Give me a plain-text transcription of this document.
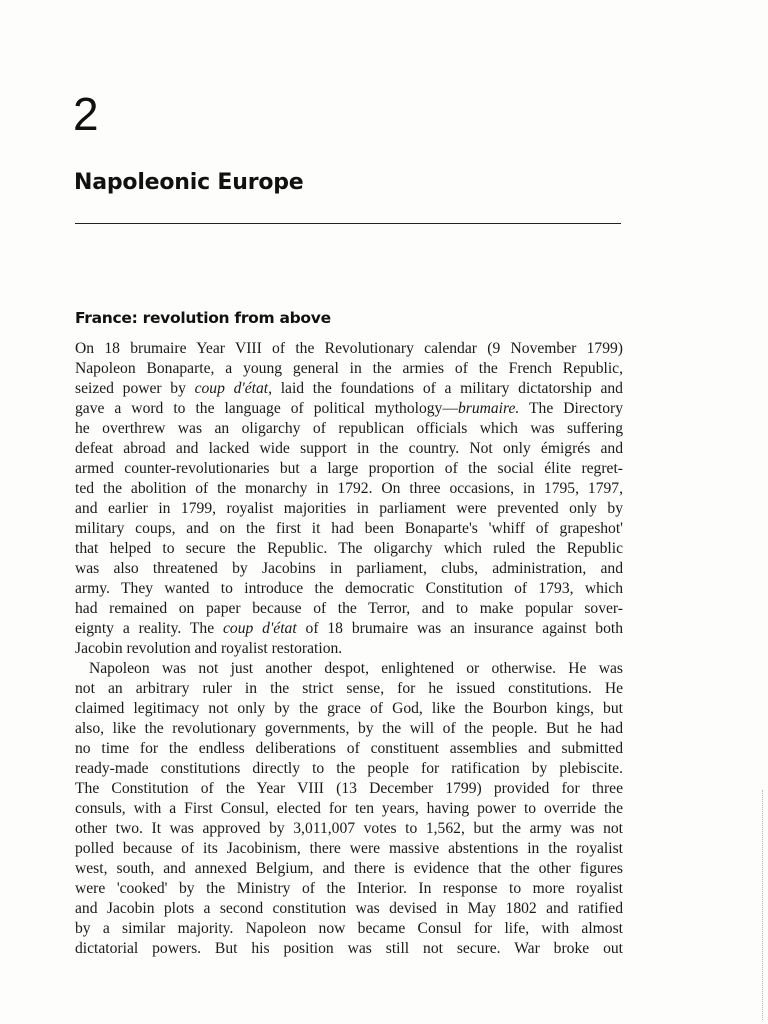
2
Napoleonic Europe
France: revolution from above

On 18 brumaire Year VIII of the Revolutionary calendar (9 November 1799)
Napoleon Bonaparte, a young general in the armies of the French Republic,
seized power by coup d'état, laid the foundations of a military dictatorship and
gave a word to the language of political mythology—brumaire. The Directory
he overthrew was an oligarchy of republican officials which was suffering
defeat abroad and lacked wide support in the country. Not only émigrés and
armed counter-revolutionaries but a large proportion of the social élite regret-
ted the abolition of the monarchy in 1792. On three occasions, in 1795, 1797,
and earlier in 1799, royalist majorities in parliament were prevented only by
military coups, and on the first it had been Bonaparte's 'whiff of grapeshot'
that helped to secure the Republic. The oligarchy which ruled the Republic
was also threatened by Jacobins in parliament, clubs, administration, and
army. They wanted to introduce the democratic Constitution of 1793, which
had remained on paper because of the Terror, and to make popular sover-
eignty a reality. The coup d'état of 18 brumaire was an insurance against both
Jacobin revolution and royalist restoration.

Napoleon was not just another despot, enlightened or otherwise. He was
not an arbitrary ruler in the strict sense, for he issued constitutions. He
claimed legitimacy not only by the grace of God, like the Bourbon kings, but
also, like the revolutionary governments, by the will of the people. But he had
no time for the endless deliberations of constituent assemblies and submitted
ready-made constitutions directly to the people for ratification by plebiscite.
The Constitution of the Year VIII (13 December 1799) provided for three
consuls, with a First Consul, elected for ten years, having power to override the
other two. It was approved by 3,011,007 votes to 1,562, but the army was not
polled because of its Jacobinism, there were massive abstentions in the royalist
west, south, and annexed Belgium, and there is evidence that the other figures
were 'cooked' by the Ministry of the Interior. In response to more royalist
and Jacobin plots a second constitution was devised in May 1802 and ratified
by a similar majority. Napoleon now became Consul for life, with almost
dictatorial powers. But his position was still not secure. War broke out
